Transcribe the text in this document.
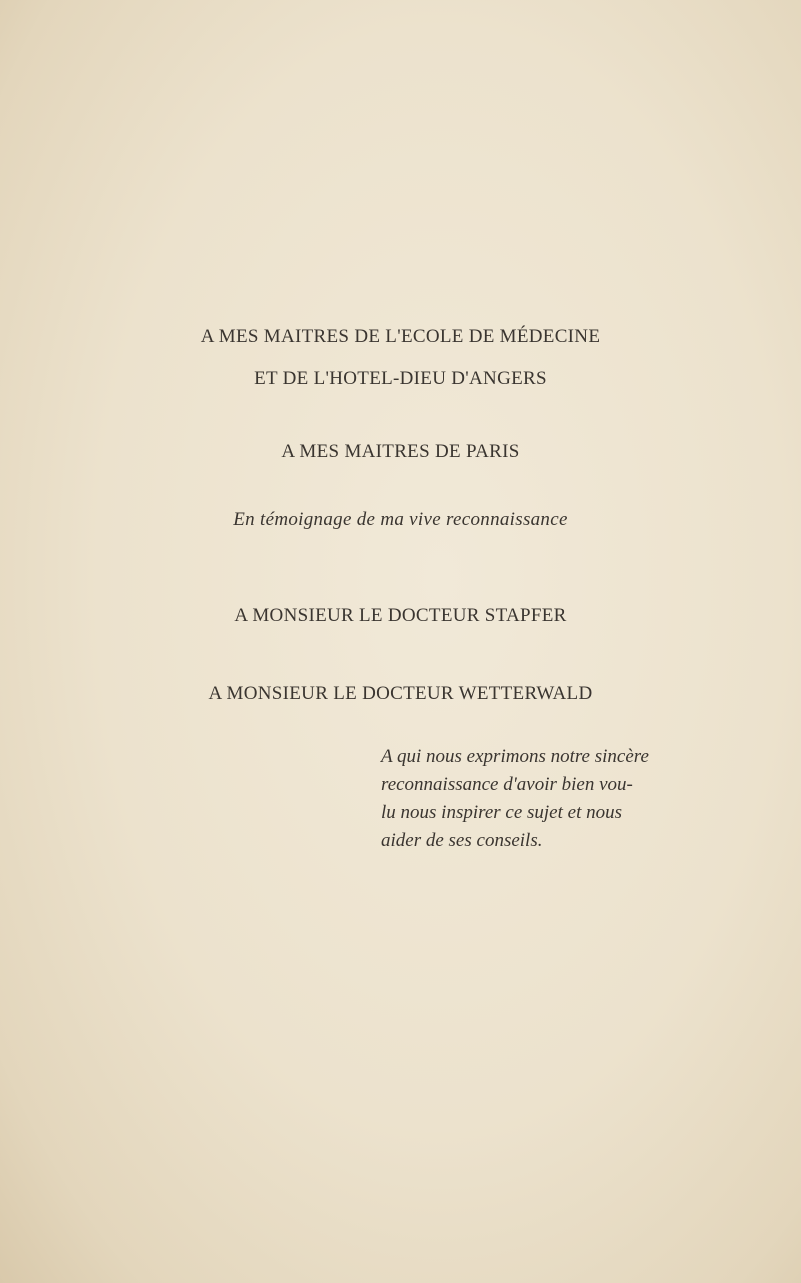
A MES MAITRES DE L'ECOLE DE MÉDECINE
ET DE L'HOTEL-DIEU D'ANGERS
A MES MAITRES DE PARIS
En témoignage de ma vive reconnaissance
A MONSIEUR LE DOCTEUR STAPFER
A MONSIEUR LE DOCTEUR WETTERWALD
A qui nous exprimons notre sincère
reconnaissance d'avoir bien vou-
lu nous inspirer ce sujet et nous
aider de ses conseils.
